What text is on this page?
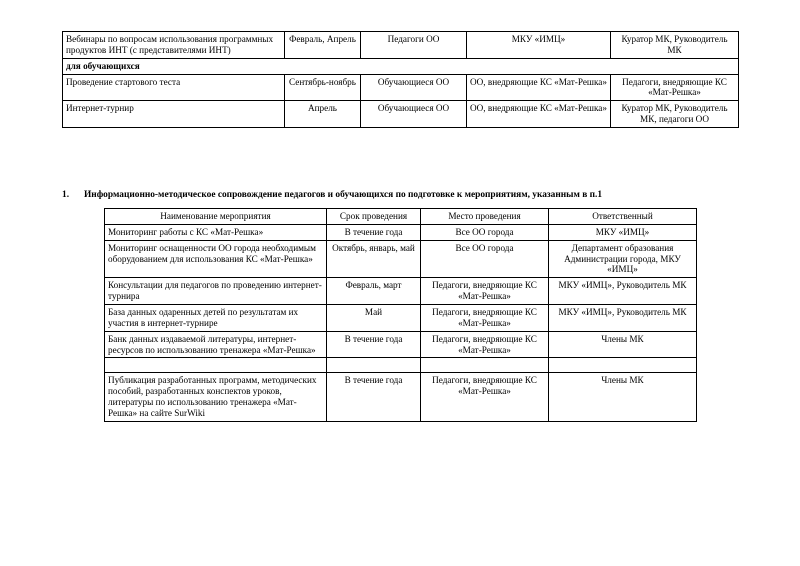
Вебинары по вопросам использования программных продуктов ИНТ (с представителями ИНТ)	Февраль, Апрель	Педагоги ОО	МКУ «ИМЦ»	Куратор МК, Руководитель МК
для обучающихся				
Проведение стартового теста	Сентябрь-ноябрь	Обучающиеся ОО	ОО, внедряющие КС «Мат-Решка»	Педагоги, внедряющие КС «Мат-Решка»
Интернет-турнир	Апрель	Обучающиеся ОО	ОО, внедряющие КС «Мат-Решка»	Куратор МК, Руководитель МК, педагоги ОО
1. Информационно-методическое сопровождение педагогов и обучающихся по подготовке к мероприятиям, указанным в п.1
Наименование мероприятия	Срок проведения	Место проведения	Ответственный
Мониторинг работы с КС «Мат-Решка»	В течение года	Все ОО города	МКУ «ИМЦ»
Мониторинг оснащенности ОО города необходимым оборудованием для использования КС «Мат-Решка»	Октябрь, январь, май	Все ОО города	Департамент образования Администрации города, МКУ «ИМЦ»
Консультации для педагогов по проведению интернет-турнира	Февраль, март	Педагоги, внедряющие КС «Мат-Решка»	МКУ «ИМЦ», Руководитель МК
База данных одаренных детей по результатам их участия в интернет-турнире	Май	Педагоги, внедряющие КС «Мат-Решка»	МКУ «ИМЦ», Руководитель МК
Банк данных издаваемой литературы, интернет-ресурсов по использованию тренажера «Мат-Решка»	В течение года	Педагоги, внедряющие КС «Мат-Решка»	Члены МК

Публикация разработанных программ, методических пособий, разработанных конспектов уроков, литературы по использованию тренажера «Мат-Решка» на сайте SurWiki	В течение года	Педагоги, внедряющие КС «Мат-Решка»	Члены МК
